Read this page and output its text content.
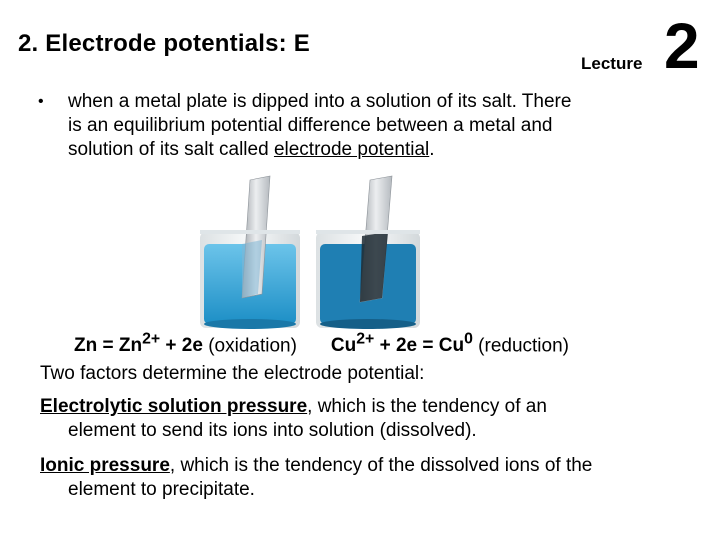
2. Electrode potentials: E
Lecture 2
• when a metal plate is dipped into a solution of its salt. There
is an equilibrium potential difference between a metal and
solution of its salt called electrode potential.
$Zn = Zn^{2+} + 2e$ (oxidation) $Cu^{2+} + 2e = Cu^0$ (reduction)
Two factors determine the electrode potential:
Electrolytic solution pressure, which is the tendency of an
element to send its ions into solution (dissolved).
Ionic pressure, which is the tendency of the dissolved ions of the
element to precipitate.
